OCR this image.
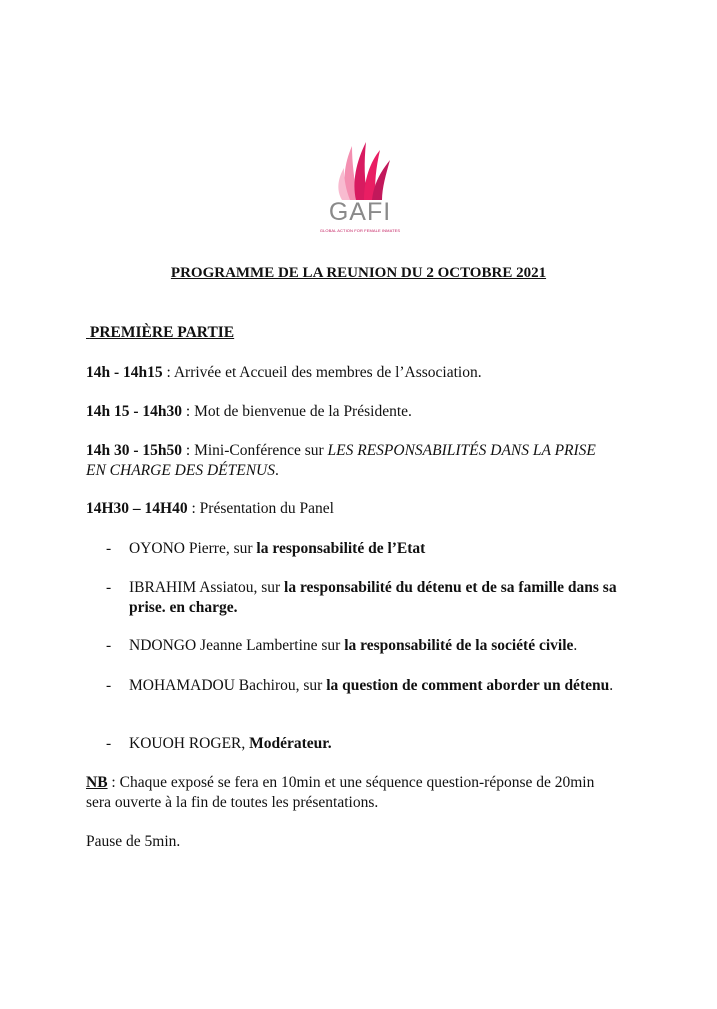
GAFI
GLOBAL ACTION FOR FEMALE INMATES
PROGRAMME DE LA REUNION DU 2 OCTOBRE 2021
PREMIÈRE PARTIE
14h - 14h15 : Arrivée et Accueil des membres de l’Association.
14h 15 - 14h30 : Mot de bienvenue de la Présidente.
14h 30 - 15h50 : Mini-Conférence sur LES RESPONSABILITÉS DANS LA PRISE EN CHARGE DES DÉTENUS.
14H30 – 14H40 : Présentation du Panel
- OYONO Pierre, sur la responsabilité de l’Etat
- IBRAHIM Assiatou, sur la responsabilité du détenu et de sa famille dans sa prise. en charge.
- NDONGO Jeanne Lambertine sur la responsabilité de la société civile.
- MOHAMADOU Bachirou, sur la question de comment aborder un détenu.
- KOUOH ROGER, Modérateur.
NB : Chaque exposé se fera en 10min et une séquence question-réponse de 20min sera ouverte à la fin de toutes les présentations.
Pause de 5min.
